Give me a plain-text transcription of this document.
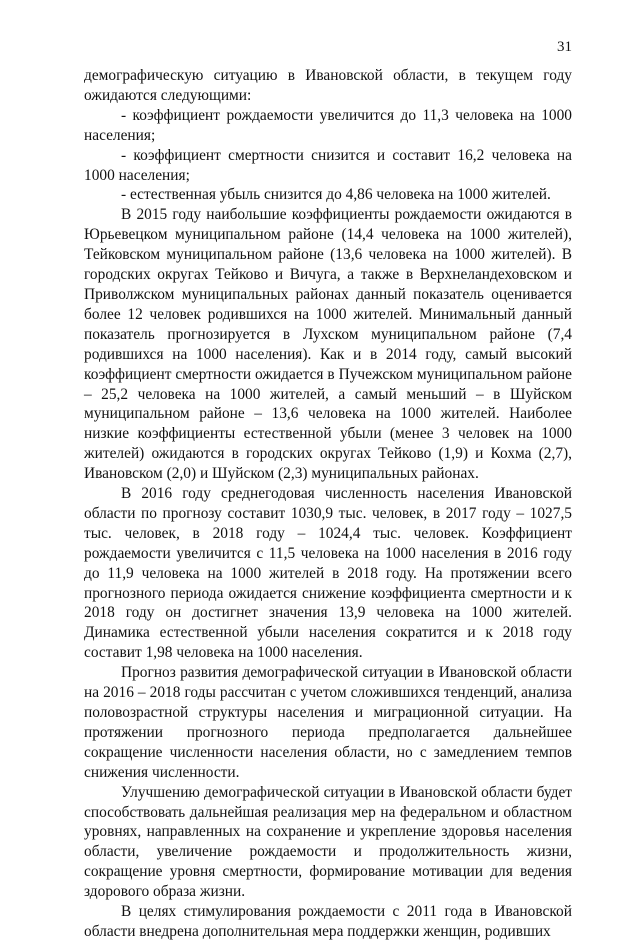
31

демографическую ситуацию в Ивановской области, в текущем году ожидаются следующими:

- коэффициент рождаемости увеличится до 11,3 человека на 1000 населения;

- коэффициент смертности снизится и составит 16,2 человека на 1000 населения;

- естественная убыль снизится до 4,86 человека на 1000 жителей.

В 2015 году наибольшие коэффициенты рождаемости ожидаются в Юрьевецком муниципальном районе (14,4 человека на 1000 жителей), Тейковском муниципальном районе (13,6 человека на 1000 жителей). В городских округах Тейково и Вичуга, а также в Верхнеландеховском и Приволжском муниципальных районах данный показатель оценивается более 12 человек родившихся на 1000 жителей. Минимальный данный показатель прогнозируется в Лухском муниципальном районе (7,4 родившихся на 1000 населения). Как и в 2014 году, самый высокий коэффициент смертности ожидается в Пучежском муниципальном районе – 25,2 человека на 1000 жителей, а самый меньший – в Шуйском муниципальном районе – 13,6 человека на 1000 жителей. Наиболее низкие коэффициенты естественной убыли (менее 3 человек на 1000 жителей) ожидаются в городских округах Тейково (1,9) и Кохма (2,7), Ивановском (2,0) и Шуйском (2,3) муниципальных районах.

В 2016 году среднегодовая численность населения Ивановской области по прогнозу составит 1030,9 тыс. человек, в 2017 году – 1027,5 тыс. человек, в 2018 году – 1024,4 тыс. человек. Коэффициент рождаемости увеличится с 11,5 человека на 1000 населения в 2016 году до 11,9 человека на 1000 жителей в 2018 году. На протяжении всего прогнозного периода ожидается снижение коэффициента смертности и к 2018 году он достигнет значения 13,9 человека на 1000 жителей. Динамика естественной убыли населения сократится и к 2018 году составит 1,98 человека на 1000 населения.

Прогноз развития демографической ситуации в Ивановской области на 2016 – 2018 годы рассчитан с учетом сложившихся тенденций, анализа половозрастной структуры населения и миграционной ситуации. На протяжении прогнозного периода предполагается дальнейшее сокращение численности населения области, но с замедлением темпов снижения численности.

Улучшению демографической ситуации в Ивановской области будет способствовать дальнейшая реализация мер на федеральном и областном уровнях, направленных на сохранение и укрепление здоровья населения области, увеличение рождаемости и продолжительность жизни, сокращение уровня смертности, формирование мотивации для ведения здорового образа жизни.

В целях стимулирования рождаемости с 2011 года в Ивановской области внедрена дополнительная мера поддержки женщин, родивших
